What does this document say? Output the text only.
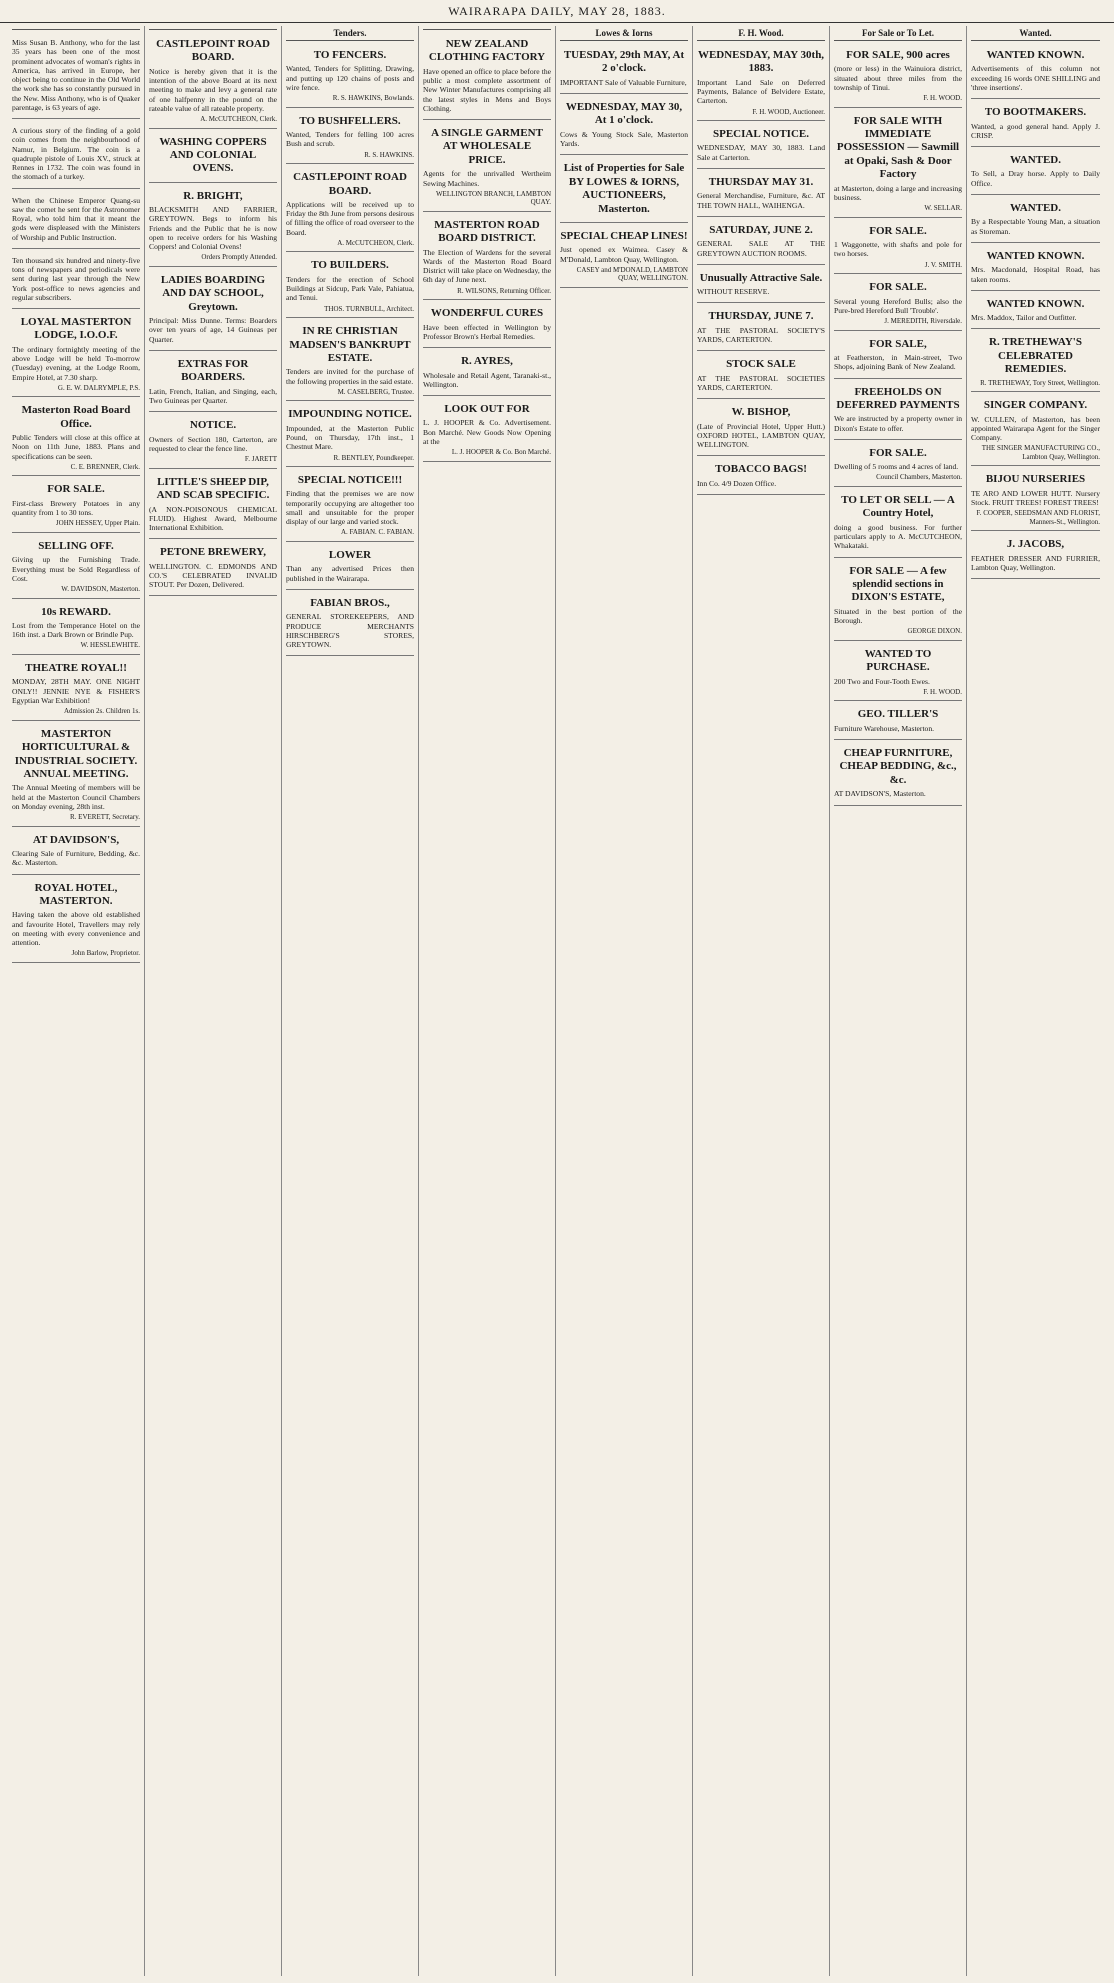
WAIRARAPA DAILY, MAY 28, 1883.

Miss Susan B. Anthony, who for the last 35 years has been one of the most prominent advocates of woman's rights in America, has arrived in Europe, her object being to continue in the Old World the work she has so constantly pursued in the New. Miss Anthony, who is of Quaker parentage, is 63 years of age.

A curious story of the finding of a gold coin comes from the neighbourhood of Namur, in Belgium. The coin is a quadruple pistole of Louis XV., struck at Rennes in 1732. The coin was found in the stomach of a turkey.

When the Chinese Emperor Quang-su saw the comet he sent for the Astronomer Royal, who told him that it meant the gods were displeased with the Ministers of Worship and Public Instruction.

Ten thousand six hundred and ninety-five tons of newspapers and periodicals were sent during last year through the New York post-office to news agencies and regular subscribers.

LOYAL MASTERTON LODGE, I.O.O.F.

The ordinary fortnightly meeting of the above Lodge will be held To-morrow (Tuesday) evening, at the Lodge Room, Empire Hotel, at 7.30 sharp.

G. E. W. DALRYMPLE, P.S.
Masterton Road Board Office.

Public Tenders will close at this office at Noon on 11th June, 1883. Plans and specifications can be seen.

C. E. BRENNER, Clerk.
FOR SALE.

First-class Brewery Potatoes in any quantity from 1 to 30 tons.

JOHN HESSEY, Upper Plain.
SELLING OFF.

Giving up the Furnishing Trade. Everything must be Sold Regardless of Cost.

W. DAVIDSON, Masterton.
10s REWARD.

Lost from the Temperance Hotel on the 16th inst. a Dark Brown or Brindle Pup.

W. HESSLEWHITE.
THEATRE ROYAL!!

MONDAY, 28TH MAY. ONE NIGHT ONLY!! JENNIE NYE & FISHER'S Egyptian War Exhibition!

Admission 2s. Children 1s.
MASTERTON HORTICULTURAL & INDUSTRIAL SOCIETY. ANNUAL MEETING.

The Annual Meeting of members will be held at the Masterton Council Chambers on Monday evening, 28th inst.

R. EVERETT, Secretary.
AT DAVIDSON'S,

Clearing Sale of Furniture, Bedding, &c. &c. Masterton.

ROYAL HOTEL, MASTERTON.

Having taken the above old established and favourite Hotel, Travellers may rely on meeting with every convenience and attention.

John Barlow, Proprietor.
CASTLEPOINT ROAD BOARD.

Notice is hereby given that it is the intention of the above Board at its next meeting to make and levy a general rate of one halfpenny in the pound on the rateable value of all rateable property.

A. McCUTCHEON, Clerk.
WASHING COPPERS AND COLONIAL OVENS.

R. BRIGHT,

BLACKSMITH AND FARRIER, GREYTOWN. Begs to inform his Friends and the Public that he is now open to receive orders for his Washing Coppers! and Colonial Ovens!

Orders Promptly Attended.
LADIES BOARDING AND DAY SCHOOL, Greytown.

Principal: Miss Dunne. Terms: Boarders over ten years of age, 14 Guineas per Quarter.

EXTRAS FOR BOARDERS.

Latin, French, Italian, and Singing, each, Two Guineas per Quarter.

NOTICE.

Owners of Section 180, Carterton, are requested to clear the fence line.

F. JARETT
LITTLE'S SHEEP DIP, AND SCAB SPECIFIC.

(A NON-POISONOUS CHEMICAL FLUID). Highest Award, Melbourne International Exhibition.

PETONE BREWERY,

WELLINGTON. C. EDMONDS AND CO.'S CELEBRATED INVALID STOUT. Per Dozen, Delivered.

Tenders.
TO FENCERS.

Wanted, Tenders for Splitting, Drawing, and putting up 120 chains of posts and wire fence.

R. S. HAWKINS, Bowlands.
TO BUSHFELLERS.

Wanted, Tenders for felling 100 acres Bush and scrub.

R. S. HAWKINS.
CASTLEPOINT ROAD BOARD.

Applications will be received up to Friday the 8th June from persons desirous of filling the office of road overseer to the Board.

A. McCUTCHEON, Clerk.
TO BUILDERS.

Tenders for the erection of School Buildings at Sidcup, Park Vale, Pahiatua, and Tenui.

THOS. TURNBULL, Architect.
IN RE CHRISTIAN MADSEN'S BANKRUPT ESTATE.

Tenders are invited for the purchase of the following properties in the said estate.

M. CASELBERG, Trustee.
IMPOUNDING NOTICE.

Impounded, at the Masterton Public Pound, on Thursday, 17th inst., 1 Chestnut Mare.

R. BENTLEY, Poundkeeper.
SPECIAL NOTICE!!!

Finding that the premises we are now temporarily occupying are altogether too small and unsuitable for the proper display of our large and varied stock.

A. FABIAN. C. FABIAN.
LOWER

Than any advertised Prices then published in the Wairarapa.

FABIAN BROS.,

GENERAL STOREKEEPERS, AND PRODUCE MERCHANTS HIRSCHBERG'S STORES, GREYTOWN.

NEW ZEALAND CLOTHING FACTORY

Have opened an office to place before the public a most complete assortment of New Winter Manufactures comprising all the latest styles in Mens and Boys Clothing.

A SINGLE GARMENT AT WHOLESALE PRICE.

Agents for the unrivalled Wertheim Sewing Machines.

WELLINGTON BRANCH, LAMBTON QUAY.
MASTERTON ROAD BOARD DISTRICT.

The Election of Wardens for the several Wards of the Masterton Road Board District will take place on Wednesday, the 6th day of June next.

R. WILSONS, Returning Officer.
WONDERFUL CURES

Have been effected in Wellington by Professor Brown's Herbal Remedies.

R. AYRES,

Wholesale and Retail Agent, Taranaki-st., Wellington.

LOOK OUT FOR

L. J. HOOPER & Co. Advertisement. Bon Marché. New Goods Now Opening at the

L. J. HOOPER & Co. Bon Marché.
Lowes & Iorns
TUESDAY, 29th MAY, At 2 o'clock.

IMPORTANT Sale of Valuable Furniture,

WEDNESDAY, MAY 30, At 1 o'clock.

Cows & Young Stock Sale, Masterton Yards.

List of Properties for Sale BY LOWES & IORNS, AUCTIONEERS, Masterton.

SPECIAL CHEAP LINES!

Just opened ex Waimea. Casey & M'Donald, Lambton Quay, Wellington.

CASEY and M'DONALD, LAMBTON QUAY, WELLINGTON.
F. H. Wood.
WEDNESDAY, MAY 30th, 1883.

Important Land Sale on Deferred Payments, Balance of Belvidere Estate, Carterton.

F. H. WOOD, Auctioneer.
SPECIAL NOTICE.

WEDNESDAY, MAY 30, 1883. Land Sale at Carterton.

THURSDAY MAY 31.

General Merchandise, Furniture, &c. AT THE TOWN HALL, WAIHENGA.

SATURDAY, JUNE 2.

GENERAL SALE AT THE GREYTOWN AUCTION ROOMS.

Unusually Attractive Sale.

WITHOUT RESERVE.

THURSDAY, JUNE 7.

AT THE PASTORAL SOCIETY'S YARDS, CARTERTON.

STOCK SALE

AT THE PASTORAL SOCIETIES YARDS, CARTERTON.

W. BISHOP,

(Late of Provincial Hotel, Upper Hutt.) OXFORD HOTEL, LAMBTON QUAY, WELLINGTON.

TOBACCO BAGS!

Inn Co. 4/9 Dozen Office.

For Sale or To Let.
FOR SALE, 900 acres

(more or less) in the Wainuiora district, situated about three miles from the township of Tinui.

F. H. WOOD.
FOR SALE WITH IMMEDIATE POSSESSION — Sawmill at Opaki, Sash & Door Factory

at Masterton, doing a large and increasing business.

W. SELLAR.
FOR SALE.

1 Waggonette, with shafts and pole for two horses.

J. V. SMITH.
FOR SALE.

Several young Hereford Bulls; also the Pure-bred Hereford Bull 'Trouble'.

J. MEREDITH, Riversdale.
FOR SALE,

at Featherston, in Main-street, Two Shops, adjoining Bank of New Zealand.

FREEHOLDS ON DEFERRED PAYMENTS

We are instructed by a property owner in Dixon's Estate to offer.

FOR SALE.

Dwelling of 5 rooms and 4 acres of land.

Council Chambers, Masterton.
TO LET OR SELL — A Country Hotel,

doing a good business. For further particulars apply to A. McCUTCHEON, Whakataki.

FOR SALE — A few splendid sections in DIXON'S ESTATE,

Situated in the best portion of the Borough.

GEORGE DIXON.
WANTED TO PURCHASE.

200 Two and Four-Tooth Ewes.

F. H. WOOD.
GEO. TILLER'S

Furniture Warehouse, Masterton.

CHEAP FURNITURE, CHEAP BEDDING, &c., &c.

AT DAVIDSON'S, Masterton.

Wanted.
WANTED KNOWN.

Advertisements of this column not exceeding 16 words ONE SHILLING and 'three insertions'.

TO BOOTMAKERS.

Wanted, a good general hand. Apply J. CRISP.

WANTED.

To Sell, a Dray horse. Apply to Daily Office.

WANTED.

By a Respectable Young Man, a situation as Storeman.

WANTED KNOWN.

Mrs. Macdonald, Hospital Road, has taken rooms.

WANTED KNOWN.

Mrs. Maddox, Tailor and Outfitter.

R. TRETHEWAY'S CELEBRATED REMEDIES.

R. TRETHEWAY, Tory Street, Wellington.
SINGER COMPANY.

W. CULLEN, of Masterton, has been appointed Wairarapa Agent for the Singer Company.

THE SINGER MANUFACTURING CO., Lambton Quay, Wellington.
BIJOU NURSERIES

TE ARO AND LOWER HUTT. Nursery Stock. FRUIT TREES! FOREST TREES!

F. COOPER, SEEDSMAN AND FLORIST, Manners-St., Wellington.
J. JACOBS,

FEATHER DRESSER AND FURRIER, Lambton Quay, Wellington.
